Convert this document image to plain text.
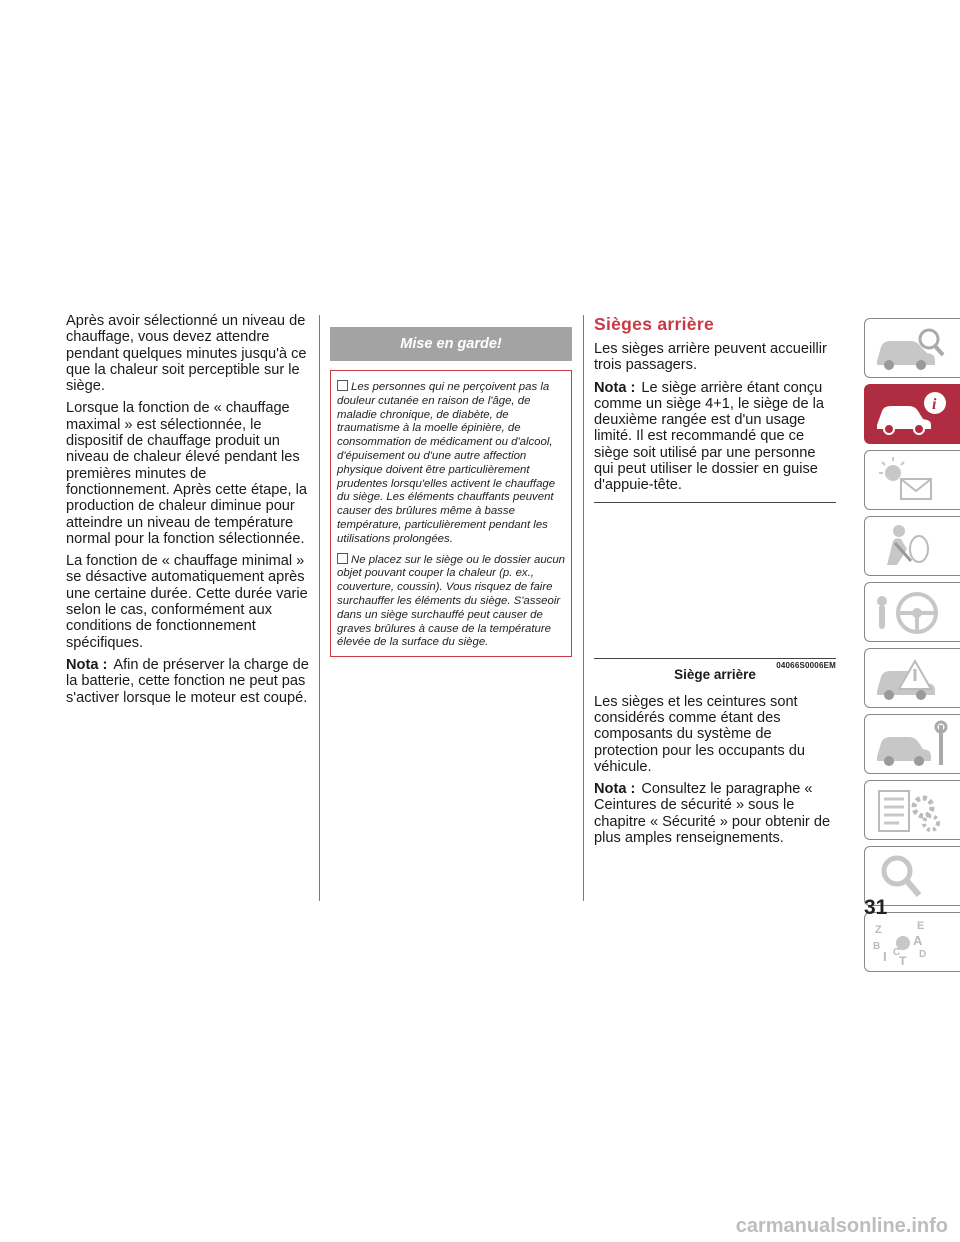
Après avoir sélectionné un niveau de chauffage, vous devez attendre pendant quelques minutes jusqu'à ce que la chaleur soit perceptible sur le siège.

Lorsque la fonction de « chauffage maximal » est sélectionnée, le dispositif de chauffage produit un niveau de chaleur élevé pendant les premières minutes de fonctionnement. Après cette étape, la production de chaleur diminue pour atteindre un niveau de température normal pour la fonction sélectionnée.

La fonction de « chauffage minimal » se désactive automatiquement après une certaine durée. Cette durée varie selon le cas, conformément aux conditions de fonctionnement spécifiques.

Nota : Afin de préserver la charge de la batterie, cette fonction ne peut pas s'activer lorsque le moteur est coupé.

Mise en garde!

Les personnes qui ne perçoivent pas la douleur cutanée en raison de l'âge, de maladie chronique, de diabète, de traumatisme à la moelle épinière, de consommation de médicament ou d'alcool, d'épuisement ou d'une autre affection physique doivent être particulièrement prudentes lorsqu'elles activent le chauffage du siège. Les éléments chauffants peuvent causer des brûlures même à basse température, particulièrement pendant les utilisations prolongées.

Ne placez sur le siège ou le dossier aucun objet pouvant couper la chaleur (p. ex., couverture, coussin). Vous risquez de faire surchauffer les éléments du siège. S'asseoir dans un siège surchauffé peut causer de graves brûlures à cause de la température élevée de la surface du siège.

Sièges arrière

Les sièges arrière peuvent accueillir trois passagers.

Nota : Le siège arrière étant conçu comme un siège 4+1, le siège de la deuxième rangée est d'un usage limité. Il est recommandé que ce siège soit utilisé par une personne qui peut utiliser le dossier en guise d'appuie-tête.

04066S0006EM
Siège arrière

Les sièges et les ceintures sont considérés comme étant des composants du système de protection pour les occupants du véhicule.

Nota : Consultez le paragraphe « Ceintures de sécurité » sous le chapitre « Sécurité » pour obtenir de plus amples renseignements.

i
Z	E
B	A
I C
T D
31
carmanualsonline.info
